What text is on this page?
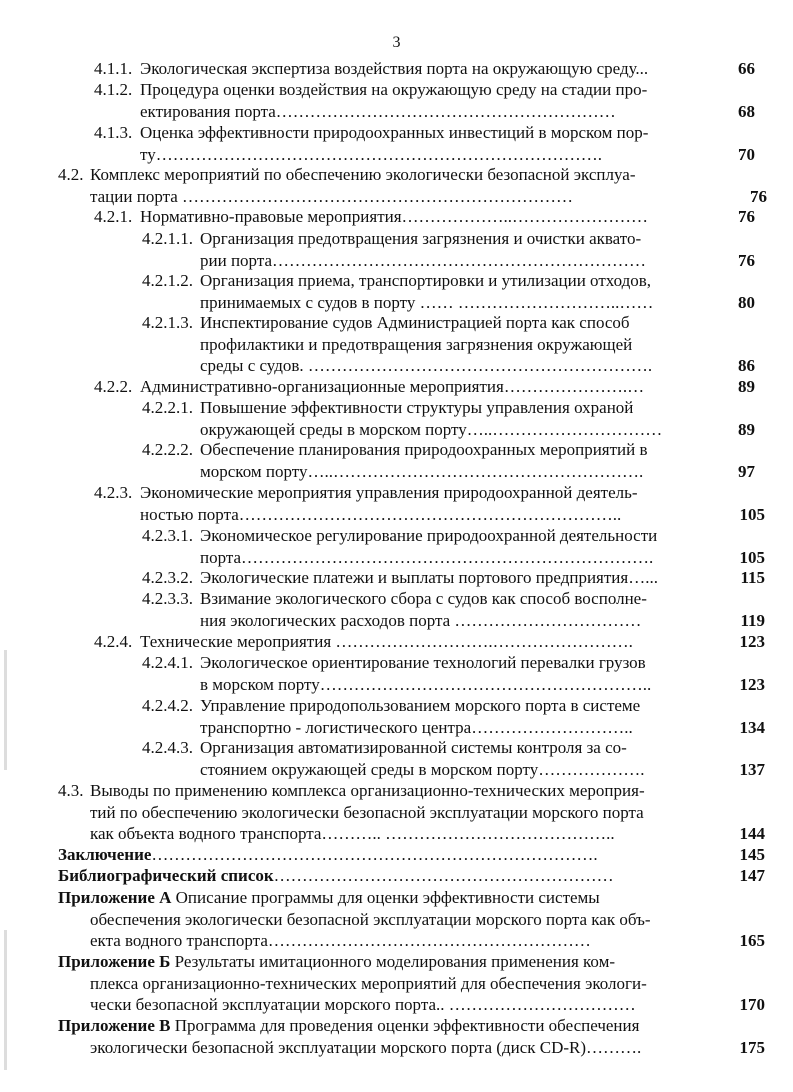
3
4.1.1. Экологическая экспертиза воздействия порта на окружающую среду...	66
4.1.2. Процедура оценки воздействия на окружающую среду на стадии про-
ектирования порта……………………………………………………	68
4.1.3. Оценка эффективности природоохранных инвестиций в морском пор-
ту…………………………………………………………………….	70
4.2. Комплекс мероприятий по обеспечению экологически безопасной эксплуа-
тации порта ……………………………………………………………	76
4.2.1. Нормативно-правовые мероприятия………………..……………………	76
4.2.1.1. Организация предотвращения загрязнения и очистки аквато-
рии порта…………………………………………………………	76
4.2.1.2. Организация приема, транспортировки и утилизации отходов,
принимаемых с судов в порту …… ………………………..……	80
4.2.1.3. Инспектирование судов Администрацией порта как способ
профилактики и предотвращения загрязнения окружающей
среды с судов. …………………………………………………….	86
4.2.2. Административно-организационные мероприятия………………….…	89
4.2.2.1. Повышение эффективности структуры управления охраной
окружающей среды в морском порту…..…………………………	89
4.2.2.2. Обеспечение планирования природоохранных мероприятий в
морском порту…..……………………………………………….	97
4.2.3. Экономические мероприятия управления природоохранной деятель-
ностью порта…………………………………………………………..	105
4.2.3.1. Экономическое регулирование природоохранной деятельности
порта……………………………………………………………….	105
4.2.3.2. Экологические платежи и выплаты портового предприятия…...	115
4.2.3.3. Взимание экологического сбора с судов как способ восполне-
ния экологических расходов порта ……………………………	119
4.2.4. Технические мероприятия ……………………….…………………….	123
4.2.4.1. Экологическое ориентирование технологий перевалки грузов
в морском порту…………………………………………………..	123
4.2.4.2. Управление природопользованием морского порта в системе
транспортно - логистического центра………………………..	134
4.2.4.3. Организация автоматизированной системы контроля за со-
стоянием окружающей среды в морском порту……………….	137
4.3. Выводы по применению комплекса организационно-технических мероприя-
тий по обеспечению экологически безопасной эксплуатации морского порта
как объекта водного транспорта……….. …………………………………..	144
Заключение…………………………………………………………………….	145
Библиографический список……………………………………………………	147
Приложение А Описание программы для оценки эффективности системы
обеспечения экологически безопасной эксплуатации морского порта как объ-
екта водного транспорта…………………………………………………	165
Приложение Б Результаты имитационного моделирования применения ком-
плекса организационно-технических мероприятий для обеспечения экологи-
чески безопасной эксплуатации морского порта.. ……………………………	170
Приложение В Программа для проведения оценки эффективности обеспечения
экологически безопасной эксплуатации морского порта (диск CD-R)……….	175
